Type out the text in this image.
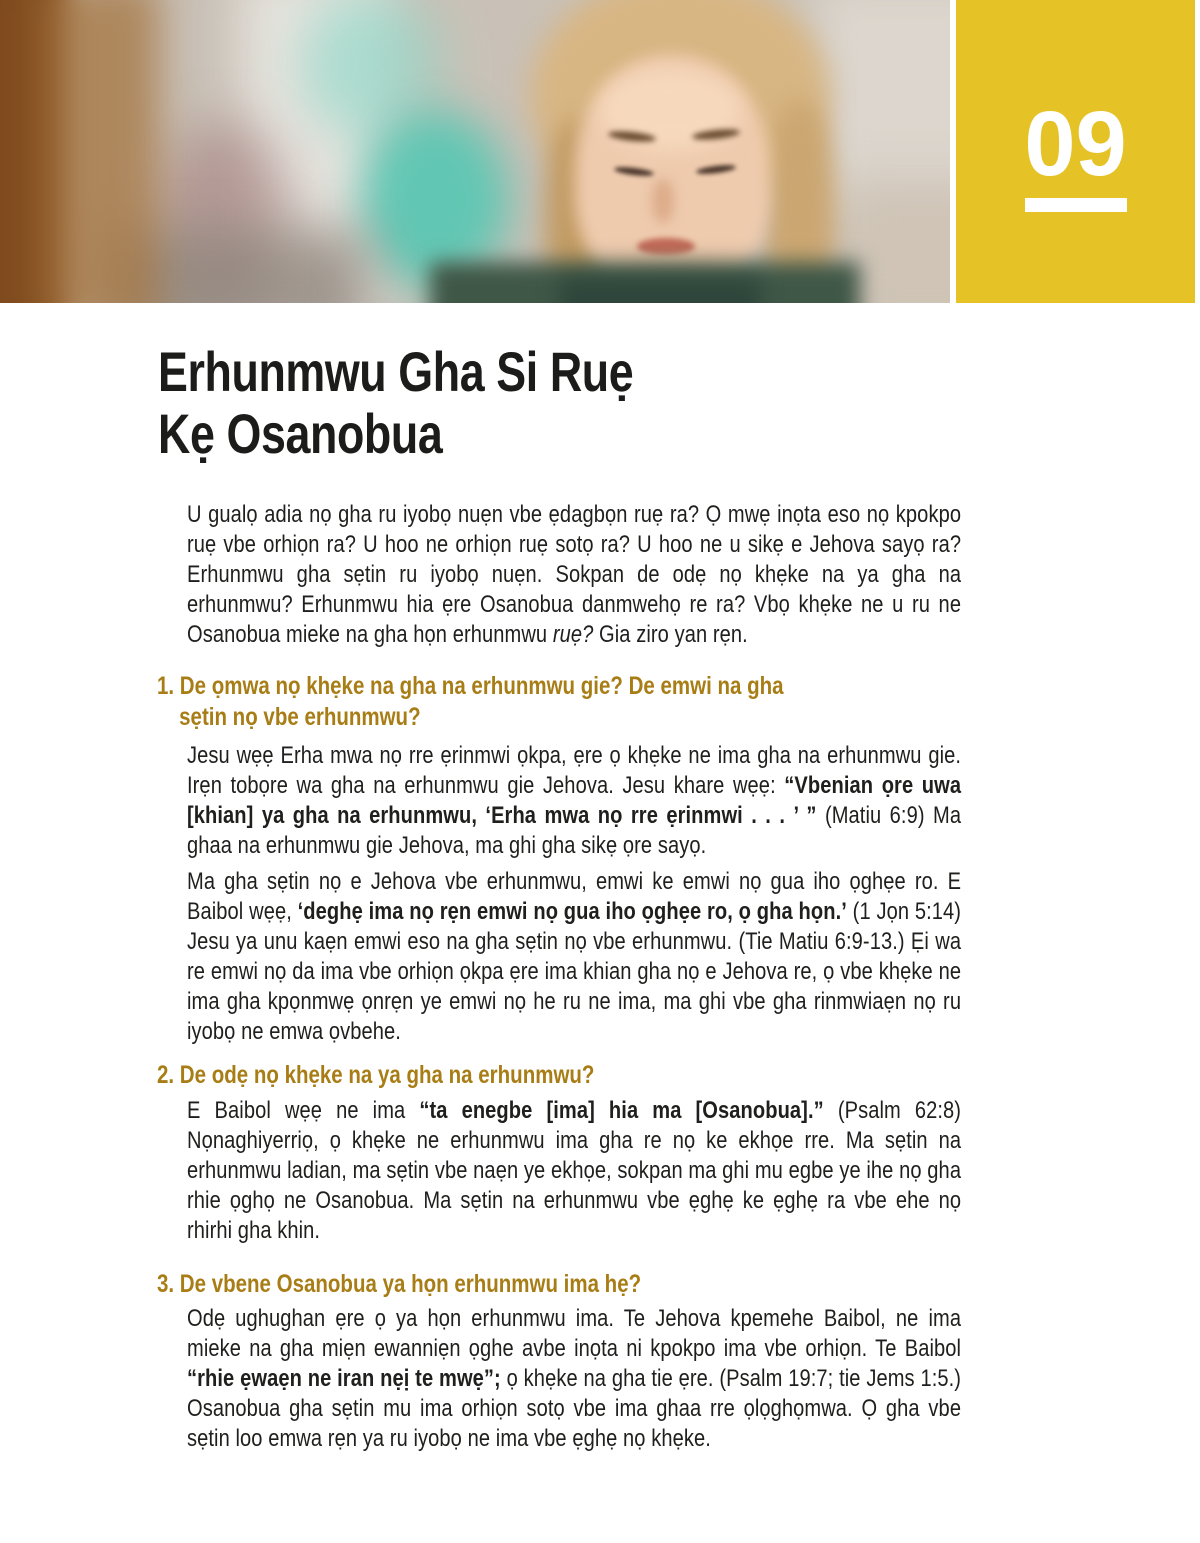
09
Erhunmwu Gha Si Ruẹ
Kẹ Osanobua
U gualọ adia nọ gha ru iyobọ nuẹn vbe ẹdagbọn ruẹ ra? Ọ mwẹ inọta eso nọ kpokpo ruẹ vbe orhiọn ra? U hoo ne orhiọn ruẹ sotọ ra? U hoo ne u sikẹ e Jehova sayọ ra? Erhunmwu gha sẹtin ru iyobọ nuẹn. Sokpan de odẹ nọ khẹke na ya gha na erhunmwu? Erhunmwu hia ẹre Osanobua danmwehọ re ra? Vbọ khẹke ne u ru ne Osanobua mieke na gha họn erhunmwu ruẹ? Gia ziro yan rẹn.
1. De ọmwa nọ khẹke na gha na erhunmwu gie? De emwi na gha sẹtin nọ vbe erhunmwu?
Jesu wẹẹ Erha mwa nọ rre ẹrinmwi ọkpa, ẹre ọ khẹke ne ima gha na erhunmwu gie. Irẹn tobọre wa gha na erhunmwu gie Jehova. Jesu khare wẹẹ: “Vbenian ọre uwa [khian] ya gha na erhunmwu, ‘Erha mwa nọ rre ẹrinmwi . . . ’ ” (Matiu 6:9) Ma ghaa na erhunmwu gie Jehova, ma ghi gha sikẹ ọre sayọ.
Ma gha sẹtin nọ e Jehova vbe erhunmwu, emwi ke emwi nọ gua iho ọghẹe ro. E Baibol wẹẹ, ‘deghẹ ima nọ rẹn emwi nọ gua iho ọghẹe ro, ọ gha họn.’ (1 Jọn 5:14) Jesu ya unu kaẹn emwi eso na gha sẹtin nọ vbe erhunmwu. (Tie Matiu 6:9-13.) Ẹi wa re emwi nọ da ima vbe orhiọn ọkpa ẹre ima khian gha nọ e Jehova re, ọ vbe khẹke ne ima gha kpọnmwẹ ọnrẹn ye emwi nọ he ru ne ima, ma ghi vbe gha rinmwiaẹn nọ ru iyobọ ne emwa ọvbehe.
2. De odẹ nọ khẹke na ya gha na erhunmwu?
E Baibol wẹẹ ne ima “ta enegbe [ima] hia ma [Osanobua].” (Psalm 62:8) Nọnaghiyerriọ, ọ khẹke ne erhunmwu ima gha re nọ ke ekhọe rre. Ma sẹtin na erhunmwu ladian, ma sẹtin vbe naẹn ye ekhọe, sokpan ma ghi mu egbe ye ihe nọ gha rhie ọghọ ne Osanobua. Ma sẹtin na erhunmwu vbe ẹghẹ ke ẹghẹ ra vbe ehe nọ rhirhi gha khin.
3. De vbene Osanobua ya họn erhunmwu ima hẹ?
Odẹ ughughan ẹre ọ ya họn erhunmwu ima. Te Jehova kpemehe Baibol, ne ima mieke na gha miẹn ewanniẹn ọghe avbe inọta ni kpokpo ima vbe orhiọn. Te Baibol “rhie ẹwaẹn ne iran nẹị te mwẹ”; ọ khẹke na gha tie ẹre. (Psalm 19:7; tie Jems 1:5.) Osanobua gha sẹtin mu ima orhiọn sotọ vbe ima ghaa rre ọlọghọmwa. Ọ gha vbe sẹtin loo emwa rẹn ya ru iyobọ ne ima vbe ẹghẹ nọ khẹke.
